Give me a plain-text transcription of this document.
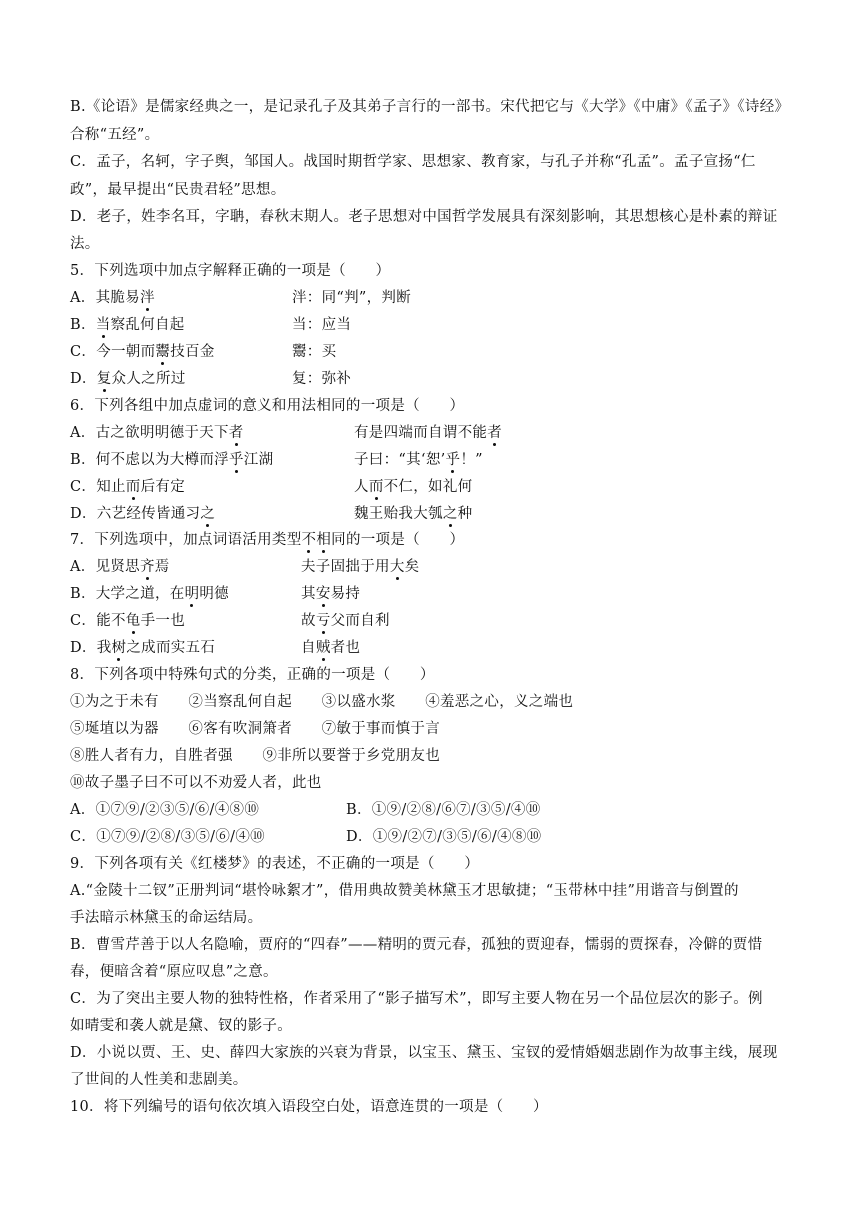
B.《论语》是儒家经典之一，是记录孔子及其弟子言行的一部书。宋代把它与《大学》《中庸》《孟子》《诗经》
合称“五经”。
C．孟子，名轲，字子舆，邹国人。战国时期哲学家、思想家、教育家，与孔子并称“孔孟”。孟子宣扬“仁
政”，最早提出“民贵君轻”思想。
D．老子，姓李名耳，字聃，春秋末期人。老子思想对中国哲学发展具有深刻影响，其思想核心是朴素的辩证
法。
5．下列选项中加点字解释正确的一项是（　　）
A．其脆易泮	泮：同“判”，判断
B．当察乱何自起	当：应当
C．今一朝而鬻技百金	鬻：买
D．复众人之所过	复：弥补
6．下列各组中加点虚词的意义和用法相同的一项是（　　）
A．古之欲明明德于天下者	有是四端而自谓不能者
B．何不虑以为大樽而浮乎江湖	子曰：“其‘恕’乎！”
C．知止而后有定	人而不仁，如礼何
D．六艺经传皆通习之	魏王贻我大瓠之种
7．下列选项中，加点词语活用类型不相同的一项是（　　）
A．见贤思齐焉	夫子固拙于用大矣
B．大学之道，在明明德	其安易持
C．能不龟手一也	故亏父而自利
D．我树之成而实五石	自贼者也
8．下列各项中特殊句式的分类，正确的一项是（　　）
①为之于未有　　②当察乱何自起　　③以盛水浆　　④羞恶之心，义之端也
⑤埏埴以为器　　⑥客有吹洞箫者　　⑦敏于事而慎于言
⑧胜人者有力，自胜者强　　⑨非所以要誉于乡党朋友也
⑩故子墨子曰不可以不劝爱人者，此也
A．①⑦⑨/②③⑤/⑥/④⑧⑩	B．①⑨/②⑧/⑥⑦/③⑤/④⑩
C．①⑦⑨/②⑧/③⑤/⑥/④⑩	D．①⑨/②⑦/③⑤/⑥/④⑧⑩
9．下列各项有关《红楼梦》的表述，不正确的一项是（　　）
A.“金陵十二钗”正册判词“堪怜咏絮才”，借用典故赞美林黛玉才思敏捷；“玉带林中挂”用谐音与倒置的
手法暗示林黛玉的命运结局。
B．曹雪芹善于以人名隐喻，贾府的“四春”——精明的贾元春，孤独的贾迎春，懦弱的贾探春，冷僻的贾惜
春，便暗含着“原应叹息”之意。
C．为了突出主要人物的独特性格，作者采用了“影子描写术”，即写主要人物在另一个品位层次的影子。例
如晴雯和袭人就是黛、钗的影子。
D．小说以贾、王、史、薛四大家族的兴衰为背景，以宝玉、黛玉、宝钗的爱情婚姻悲剧作为故事主线，展现
了世间的人性美和悲剧美。
10．将下列编号的语句依次填入语段空白处，语意连贯的一项是（　　）
